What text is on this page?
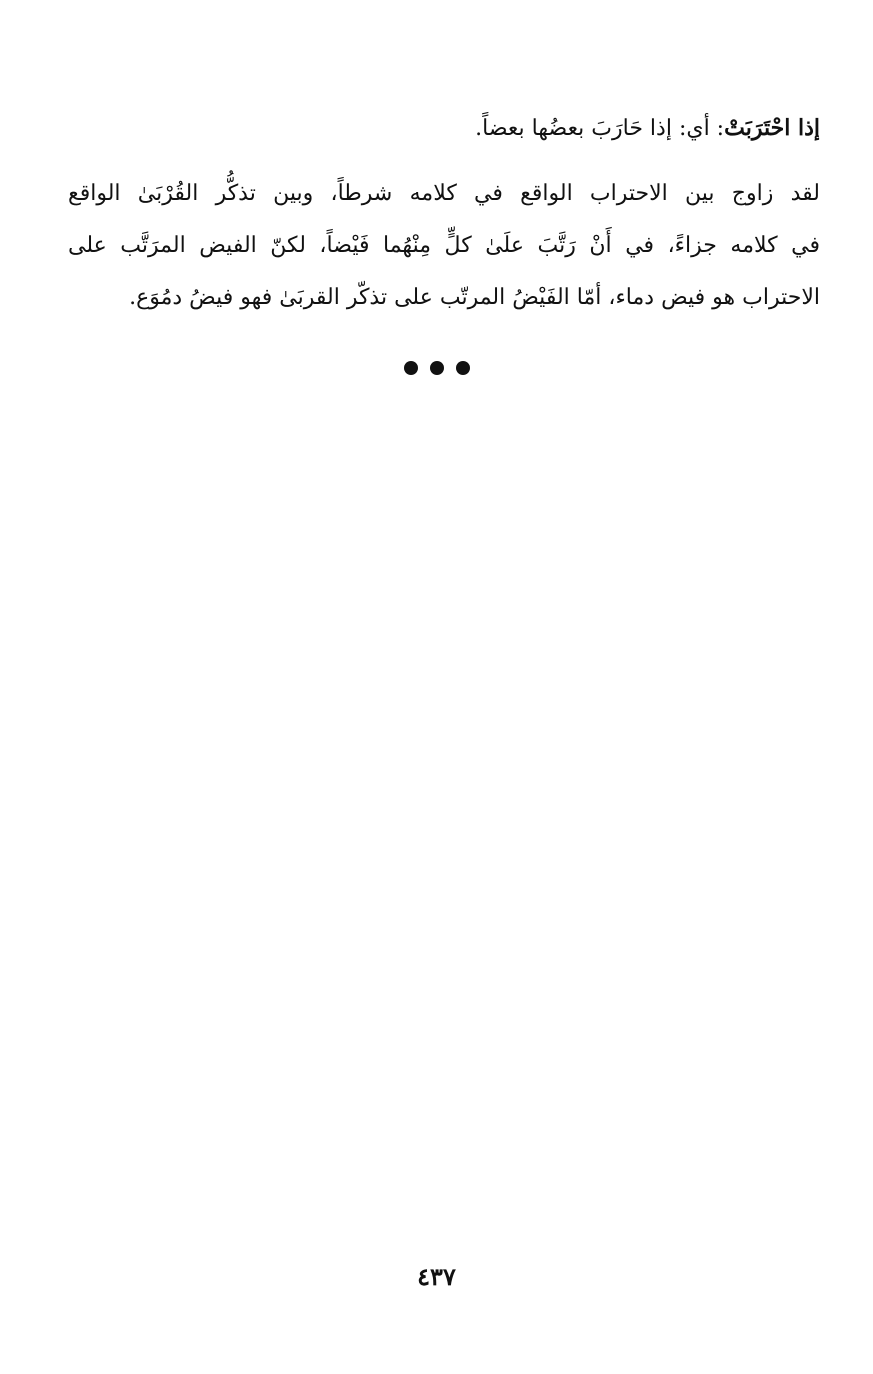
إذا احْتَرَبَتْ: أي: إذا حَارَبَ بعضُها بعضاً.
لقد زاوج بين الاحتراب الواقع في كلامه شرطاً، وبين تذكُّر القُرْبَىٰ الواقع
في كلامه جزاءً، في أَنْ رَتَّبَ علَىٰ كلٍّ مِنْهُما فَيْضاً، لكنّ الفيض المرَتَّب على
الاحتراب هو فيض دماء، أمّا الفَيْضُ المرتّب على تذكّر القربَىٰ فهو فيضُ دمُوَع.

٤٣٧
